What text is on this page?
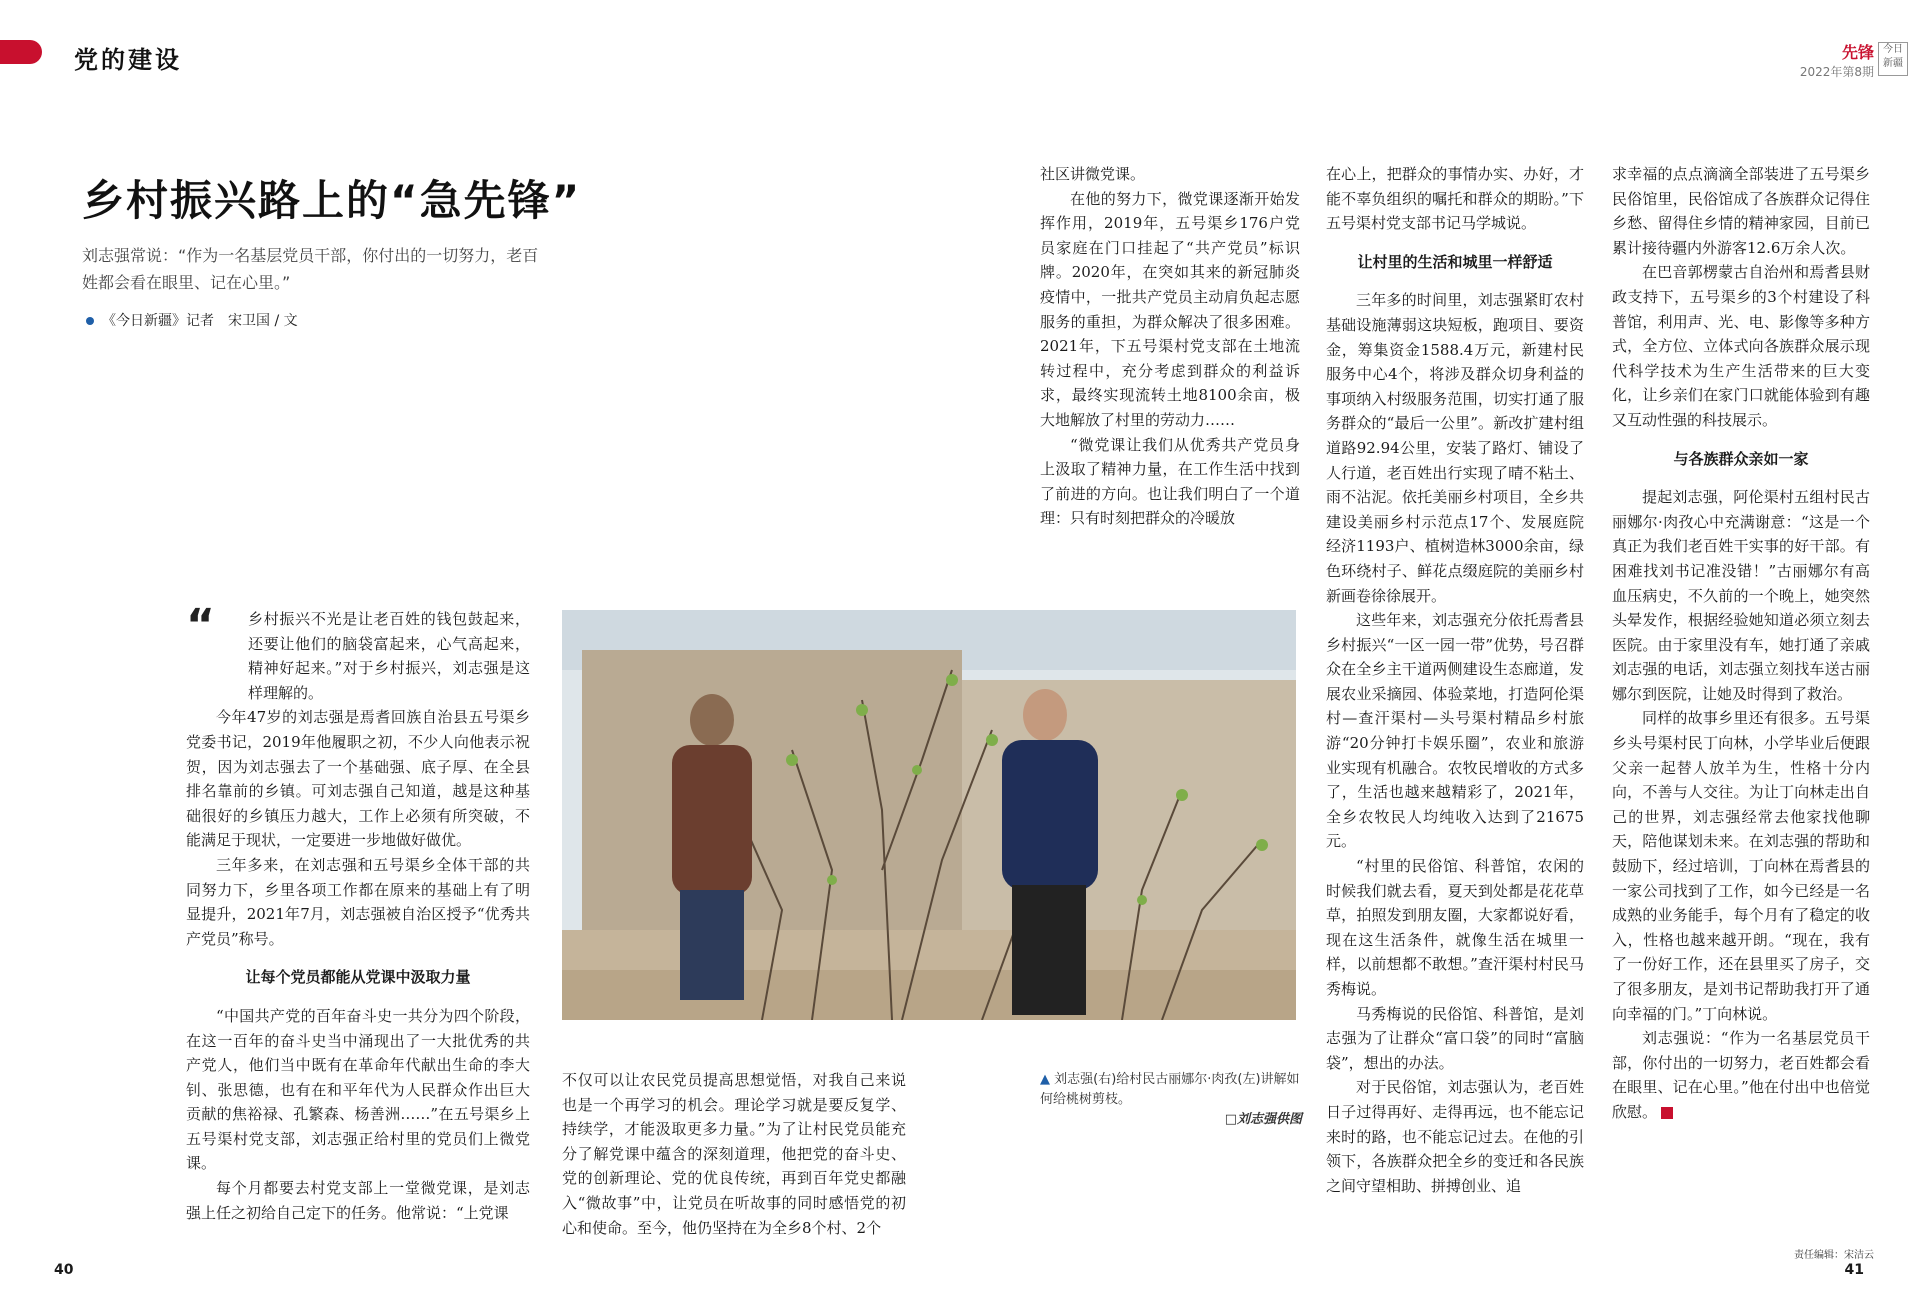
党的建设	先锋
2022年第8期
今日
新疆
乡村振兴路上的“急先锋”
刘志强常说：“作为一名基层党员干部，你付出的一切努力，老百姓都会看在眼里、记在心里。”
《今日新疆》记者　宋卫国 / 文
“	乡村振兴不光是让老百姓的钱包鼓起来，还要让他们的脑袋富起来，心气高起来，精神好起来。”对于乡村振兴，刘志强是这样理解的。

今年47岁的刘志强是焉耆回族自治县五号渠乡党委书记，2019年他履职之初，不少人向他表示祝贺，因为刘志强去了一个基础强、底子厚、在全县排名靠前的乡镇。可刘志强自己知道，越是这种基础很好的乡镇压力越大，工作上必须有所突破，不能满足于现状，一定要进一步地做好做优。

三年多来，在刘志强和五号渠乡全体干部的共同努力下，乡里各项工作都在原来的基础上有了明显提升，2021年7月，刘志强被自治区授予“优秀共产党员”称号。

让每个党员都能从党课中汲取力量

“中国共产党的百年奋斗史一共分为四个阶段，在这一百年的奋斗史当中涌现出了一大批优秀的共产党人，他们当中既有在革命年代献出生命的李大钊、张思德，也有在和平年代为人民群众作出巨大贡献的焦裕禄、孔繁森、杨善洲……”在五号渠乡上五号渠村党支部，刘志强正给村里的党员们上微党课。

每个月都要去村党支部上一堂微党课，是刘志强上任之初给自己定下的任务。他常说：“上党课

▲ 刘志强(右)给村民古丽娜尔·肉孜(左)讲解如何给桃树剪枝。
□刘志强供图

不仅可以让农民党员提高思想觉悟，对我自己来说也是一个再学习的机会。理论学习就是要反复学、持续学，才能汲取更多力量。”为了让村民党员能充分了解党课中蕴含的深刻道理，他把党的奋斗史、党的创新理论、党的优良传统，再到百年党史都融入“微故事”中，让党员在听故事的同时感悟党的初心和使命。至今，他仍坚持在为全乡8个村、2个

社区讲微党课。

在他的努力下，微党课逐渐开始发挥作用，2019年，五号渠乡176户党员家庭在门口挂起了“共产党员”标识牌。2020年，在突如其来的新冠肺炎疫情中，一批共产党员主动肩负起志愿服务的重担，为群众解决了很多困难。2021年，下五号渠村党支部在土地流转过程中，充分考虑到群众的利益诉求，最终实现流转土地8100余亩，极大地解放了村里的劳动力……

“微党课让我们从优秀共产党员身上汲取了精神力量，在工作生活中找到了前进的方向。也让我们明白了一个道理：只有时刻把群众的冷暖放

在心上，把群众的事情办实、办好，才能不辜负组织的嘱托和群众的期盼。”下五号渠村党支部书记马学城说。

让村里的生活和城里一样舒适

三年多的时间里，刘志强紧盯农村基础设施薄弱这块短板，跑项目、要资金，筹集资金1588.4万元，新建村民服务中心4个，将涉及群众切身利益的事项纳入村级服务范围，切实打通了服务群众的“最后一公里”。新改扩建村组道路92.94公里，安装了路灯、铺设了人行道，老百姓出行实现了晴不粘土、雨不沾泥。依托美丽乡村项目，全乡共建设美丽乡村示范点17个、发展庭院经济1193户、植树造林3000余亩，绿色环绕村子、鲜花点缀庭院的美丽乡村新画卷徐徐展开。

这些年来，刘志强充分依托焉耆县乡村振兴“一区一园一带”优势，号召群众在全乡主干道两侧建设生态廊道，发展农业采摘园、体验菜地，打造阿伦渠村—查汗渠村—头号渠村精品乡村旅游“20分钟打卡娱乐圈”，农业和旅游业实现有机融合。农牧民增收的方式多了，生活也越来越精彩了，2021年，全乡农牧民人均纯收入达到了21675元。

“村里的民俗馆、科普馆，农闲的时候我们就去看，夏天到处都是花花草草，拍照发到朋友圈，大家都说好看，现在这生活条件，就像生活在城里一样，以前想都不敢想。”查汗渠村村民马秀梅说。

马秀梅说的民俗馆、科普馆，是刘志强为了让群众“富口袋”的同时“富脑袋”，想出的办法。

对于民俗馆，刘志强认为，老百姓日子过得再好、走得再远，也不能忘记来时的路，也不能忘记过去。在他的引领下，各族群众把全乡的变迁和各民族之间守望相助、拼搏创业、追

求幸福的点点滴滴全部装进了五号渠乡民俗馆里，民俗馆成了各族群众记得住乡愁、留得住乡情的精神家园，目前已累计接待疆内外游客12.6万余人次。

在巴音郭楞蒙古自治州和焉耆县财政支持下，五号渠乡的3个村建设了科普馆，利用声、光、电、影像等多种方式，全方位、立体式向各族群众展示现代科学技术为生产生活带来的巨大变化，让乡亲们在家门口就能体验到有趣又互动性强的科技展示。

与各族群众亲如一家

提起刘志强，阿伦渠村五组村民古丽娜尔·肉孜心中充满谢意：“这是一个真正为我们老百姓干实事的好干部。有困难找刘书记准没错！”古丽娜尔有高血压病史，不久前的一个晚上，她突然头晕发作，根据经验她知道必须立刻去医院。由于家里没有车，她打通了亲戚刘志强的电话，刘志强立刻找车送古丽娜尔到医院，让她及时得到了救治。

同样的故事乡里还有很多。五号渠乡头号渠村民丁向林，小学毕业后便跟父亲一起替人放羊为生，性格十分内向，不善与人交往。为让丁向林走出自己的世界，刘志强经常去他家找他聊天，陪他谋划未来。在刘志强的帮助和鼓励下，经过培训，丁向林在焉耆县的一家公司找到了工作，如今已经是一名成熟的业务能手，每个月有了稳定的收入，性格也越来越开朗。“现在，我有了一份好工作，还在县里买了房子，交了很多朋友，是刘书记帮助我打开了通向幸福的门。”丁向林说。

刘志强说：“作为一名基层党员干部，你付出的一切努力，老百姓都会看在眼里、记在心里。”他在付出中也倍觉欣慰。

40	41
责任编辑：宋洁云
